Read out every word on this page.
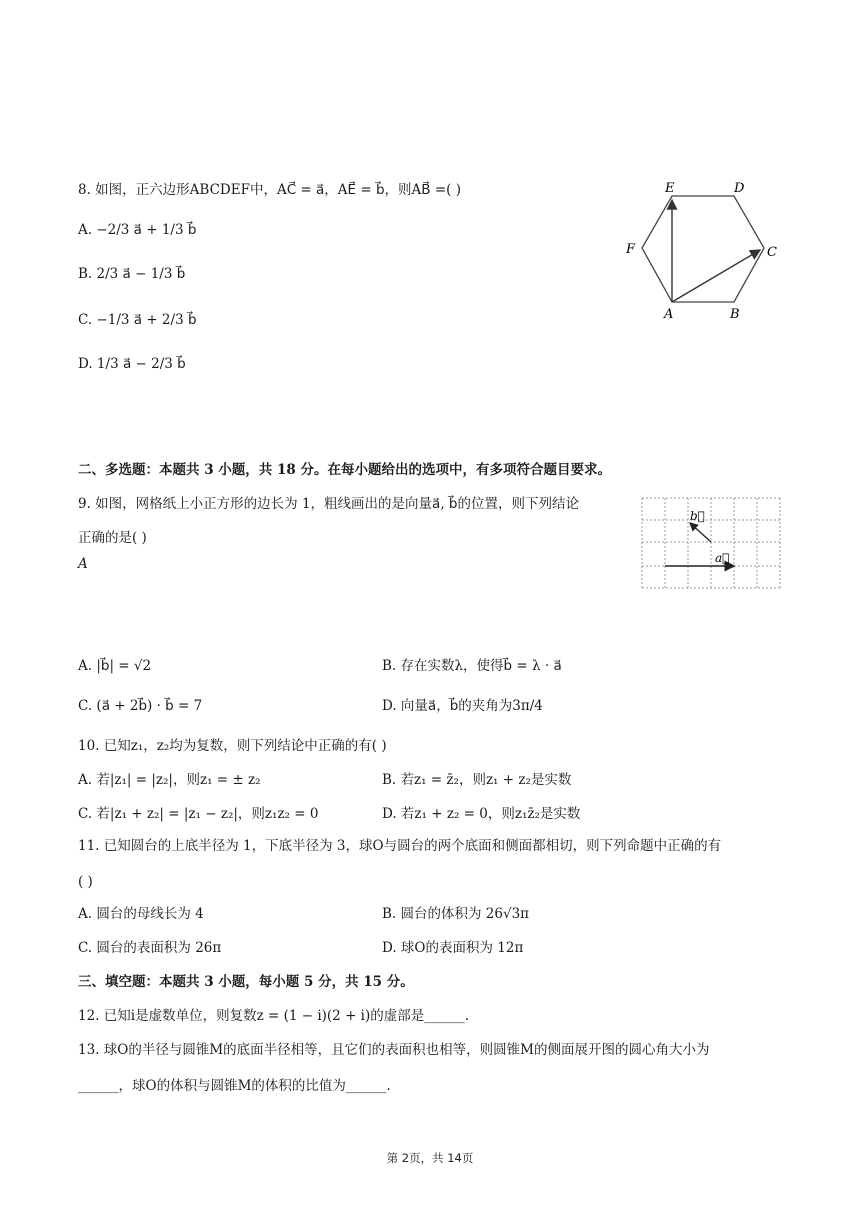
8. 如图，正六边形ABCDEF中，AC⃗ = a⃗，AE⃗ = b⃗，则AB⃗ =( )
A. −2/3 a⃗ + 1/3 b⃗
B. 2/3 a⃗ − 1/3 b⃗
C. −1/3 a⃗ + 2/3 b⃗
D. 1/3 a⃗ − 2/3 b⃗
E	D
F	C
A	B
二、多选题：本题共 3 小题，共 18 分。在每小题给出的选项中，有多项符合题目要求。
9. 如图，网格纸上小正方形的边长为 1，粗线画出的是向量a⃗, b⃗的位置，则下列结论
正确的是( )
A
b⃗
a⃗
A. |b⃗| = √2	B. 存在实数λ，使得b⃗ = λ · a⃗
C. (a⃗ + 2b⃗) · b⃗ = 7	D. 向量a⃗，b⃗的夹角为3π/4
10. 已知z₁，z₂均为复数，则下列结论中正确的有( )
A. 若|z₁| = |z₂|，则z₁ = ± z₂	B. 若z₁ = z̄₂，则z₁ + z₂是实数
C. 若|z₁ + z₂| = |z₁ − z₂|，则z₁z₂ = 0	D. 若z₁ + z₂ = 0，则z₁z̄₂是实数
11. 已知圆台的上底半径为 1，下底半径为 3，球O与圆台的两个底面和侧面都相切，则下列命题中正确的有
( )
A. 圆台的母线长为 4	B. 圆台的体积为 26√3π
C. 圆台的表面积为 26π	D. 球O的表面积为 12π
三、填空题：本题共 3 小题，每小题 5 分，共 15 分。
12. 已知i是虚数单位，则复数z = (1 − i)(2 + i)的虚部是______.
13. 球O的半径与圆锥M的底面半径相等，且它们的表面积也相等，则圆锥M的侧面展开图的圆心角大小为
______，球O的体积与圆锥M的体积的比值为______.
第 2页，共 14页
